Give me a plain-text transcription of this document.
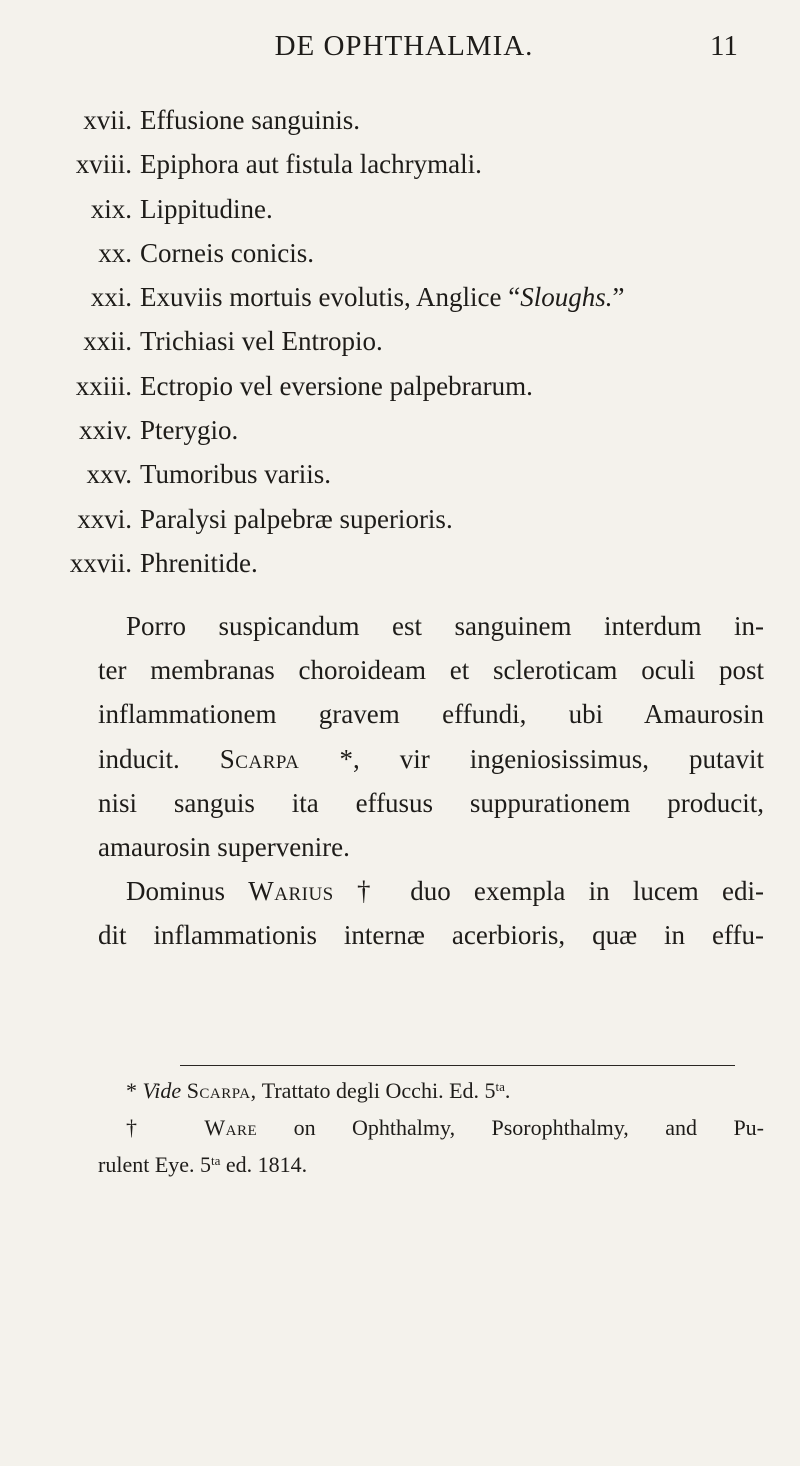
DE OPHTHALMIA.	11
xvii. Effusione sanguinis.
xviii. Epiphora aut fistula lachrymali.
xix. Lippitudine.
xx. Corneis conicis.
xxi. Exuviis mortuis evolutis, Anglice “Sloughs.”
xxii. Trichiasi vel Entropio.
xxiii. Ectropio vel eversione palpebrarum.
xxiv. Pterygio.
xxv. Tumoribus variis.
xxvi. Paralysi palpebræ superioris.
xxvii. Phrenitide.
Porro suspicandum est sanguinem interdum in-
ter membranas choroideam et scleroticam oculi post
inflammationem gravem effundi, ubi Amaurosin
inducit. Scarpa *, vir ingeniosissimus, putavit
nisi sanguis ita effusus suppurationem producit,
amaurosin supervenire.
Dominus Warius † duo exempla in lucem edi-
dit inflammationis internæ acerbioris, quæ in effu-
* Vide Scarpa, Trattato degli Occhi. Ed. $5^{ta}$.
† Ware on Ophthalmy, Psorophthalmy, and Pu-
rulent Eye. $5^{ta}$ ed. 1814.
